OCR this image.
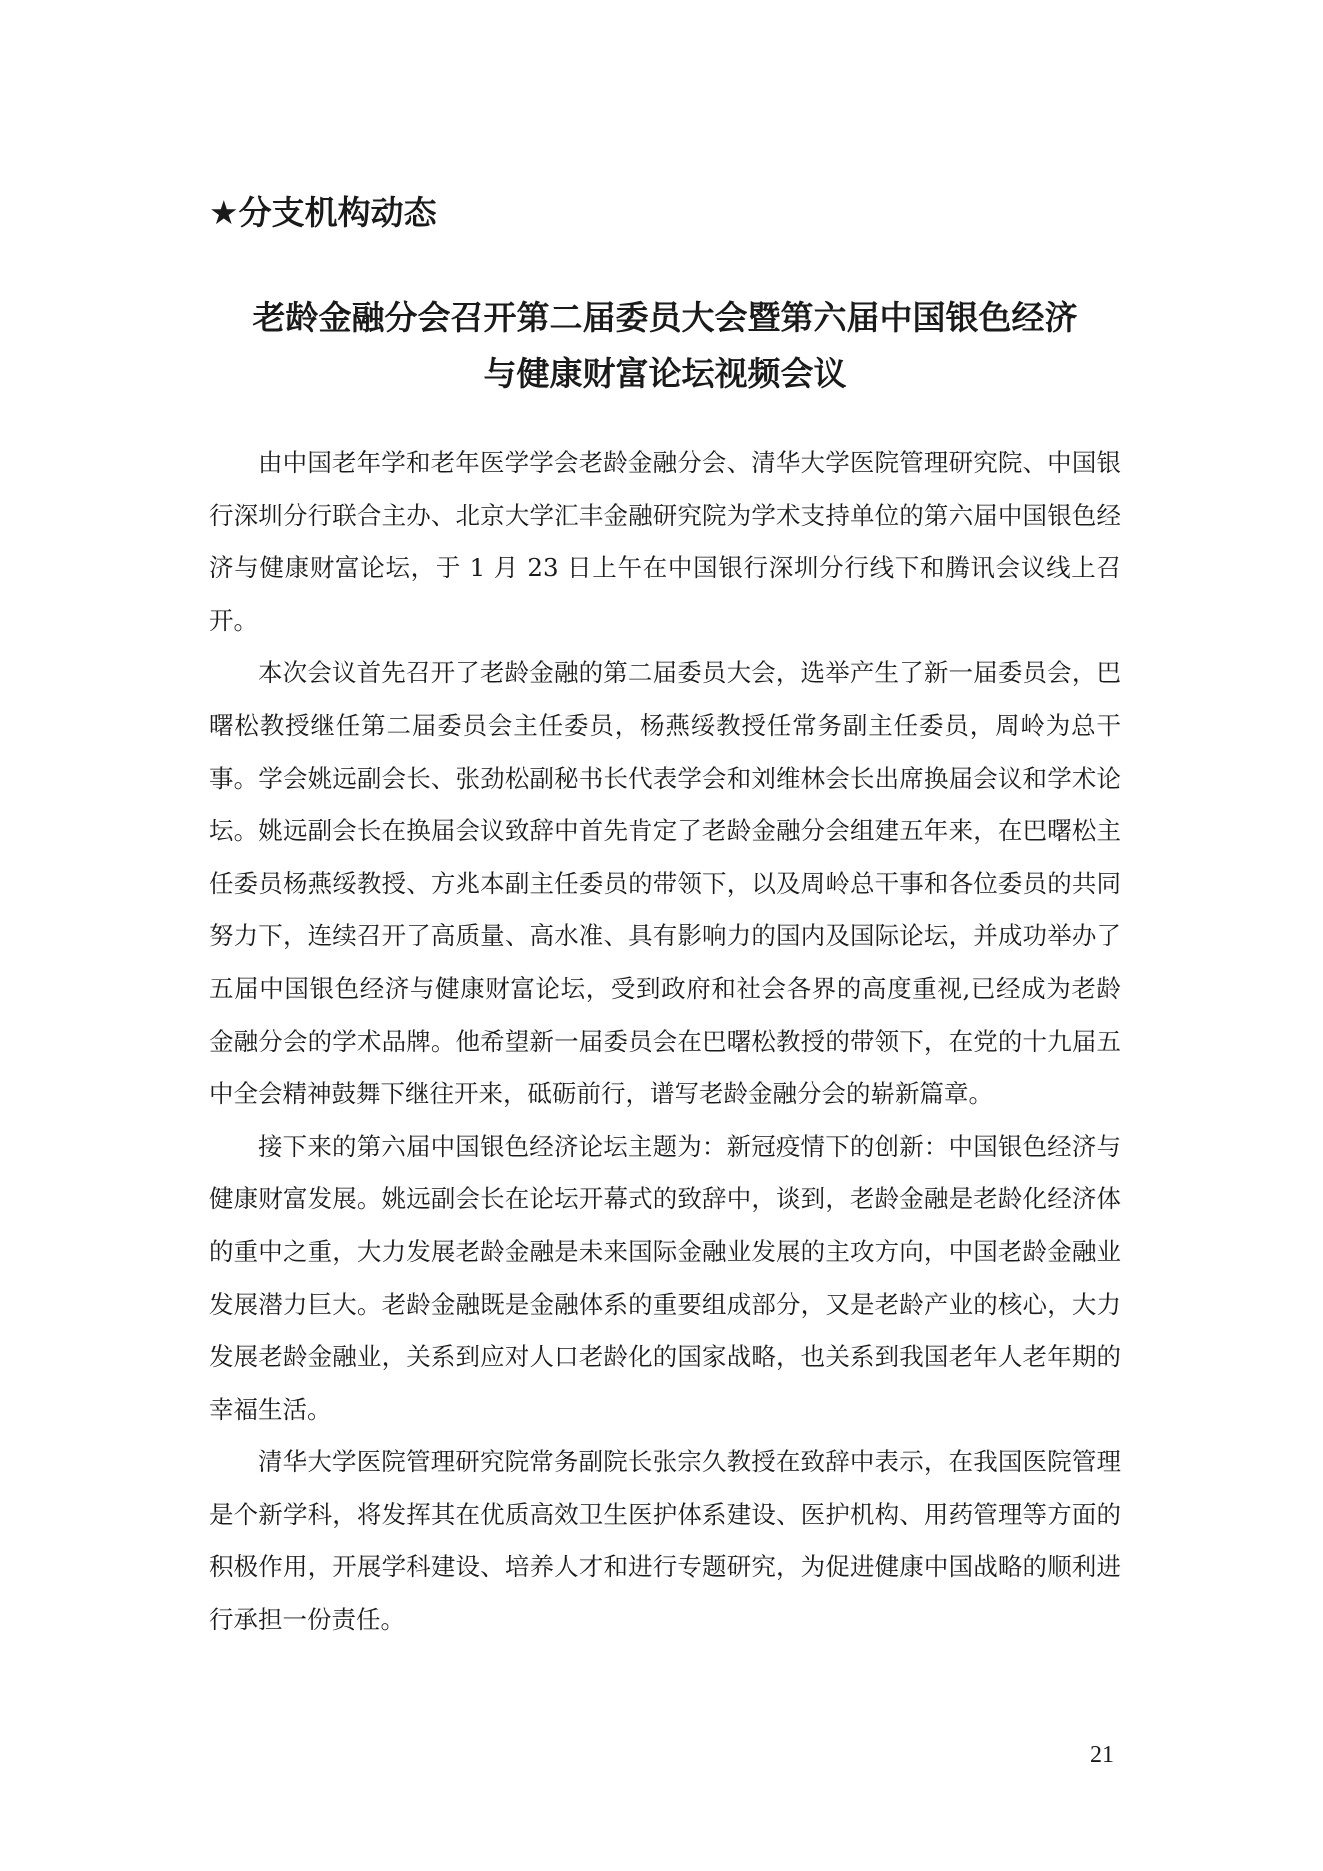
★分支机构动态
老龄金融分会召开第二届委员大会暨第六届中国银色经济
与健康财富论坛视频会议

由中国老年学和老年医学学会老龄金融分会、清华大学医院管理研究院、中国银行深圳分行联合主办、北京大学汇丰金融研究院为学术支持单位的第六届中国银色经济与健康财富论坛，于 1 月 23 日上午在中国银行深圳分行线下和腾讯会议线上召开。

本次会议首先召开了老龄金融的第二届委员大会，选举产生了新一届委员会，巴曙松教授继任第二届委员会主任委员，杨燕绥教授任常务副主任委员，周岭为总干事。学会姚远副会长、张劲松副秘书长代表学会和刘维林会长出席换届会议和学术论坛。姚远副会长在换届会议致辞中首先肯定了老龄金融分会组建五年来，在巴曙松主任委员杨燕绥教授、方兆本副主任委员的带领下，以及周岭总干事和各位委员的共同努力下，连续召开了高质量、高水准、具有影响力的国内及国际论坛，并成功举办了五届中国银色经济与健康财富论坛，受到政府和社会各界的高度重视,已经成为老龄金融分会的学术品牌。他希望新一届委员会在巴曙松教授的带领下，在党的十九届五中全会精神鼓舞下继往开来，砥砺前行，谱写老龄金融分会的崭新篇章。

接下来的第六届中国银色经济论坛主题为：新冠疫情下的创新：中国银色经济与健康财富发展。姚远副会长在论坛开幕式的致辞中，谈到，老龄金融是老龄化经济体的重中之重，大力发展老龄金融是未来国际金融业发展的主攻方向，中国老龄金融业发展潜力巨大。老龄金融既是金融体系的重要组成部分，又是老龄产业的核心，大力发展老龄金融业，关系到应对人口老龄化的国家战略，也关系到我国老年人老年期的幸福生活。

清华大学医院管理研究院常务副院长张宗久教授在致辞中表示，在我国医院管理是个新学科，将发挥其在优质高效卫生医护体系建设、医护机构、用药管理等方面的积极作用，开展学科建设、培养人才和进行专题研究，为促进健康中国战略的顺利进行承担一份责任。

21
